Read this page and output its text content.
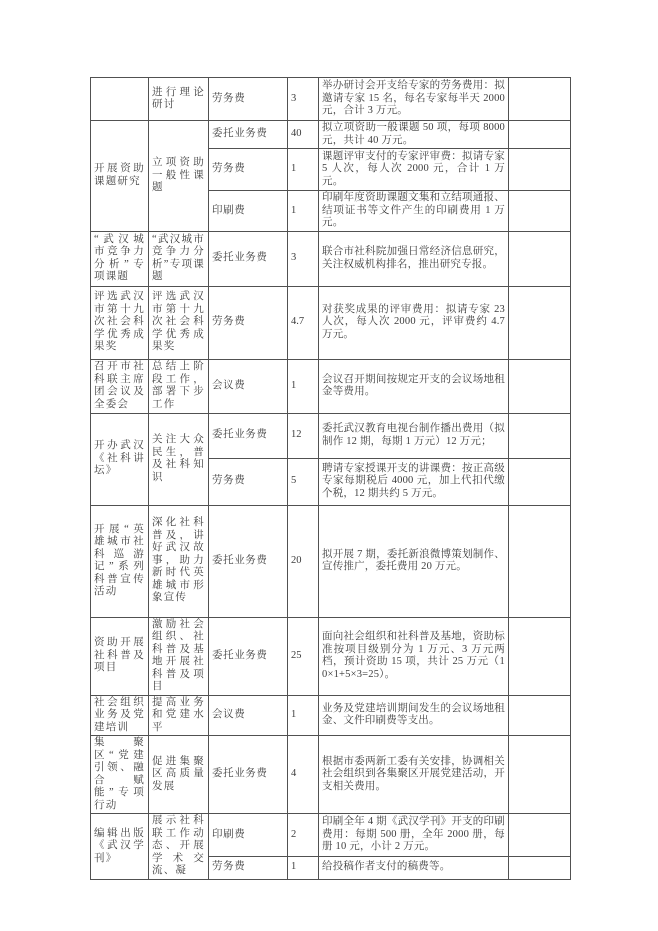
	进行理论研讨	劳务费	3	举办研讨会开支给专家的劳务费用：拟邀请专家 15 名，每名专家每半天 2000 元，合计 3 万元。	
开展资助课题研究	立项资助一般性课题	委托业务费	40	拟立项资助一般课题 50 项，每项 8000 元，共计 40 万元。	
		劳务费	1	课题评审支付的专家评审费：拟请专家 5 人次，每人次 2000 元，合计 1 万元。	
		印刷费	1	印刷年度资助课题文集和立结项通报、结项证书等文件产生的印刷费用 1 万元。	
“武汉城市竞争力分析”专项课题	“武汉城市竞争力分析”专项课题	委托业务费	3	联合市社科院加强日常经济信息研究，关注权威机构排名，推出研究专报。	
评选武汉市第十九次社会科学优秀成果奖	评选武汉市第十九次社会科学优秀成果奖	劳务费	4.7	对获奖成果的评审费用：拟请专家 23 人次，每人次 2000 元，评审费约 4.7 万元。	
召开市社科联主席团会议及全委会	总结上阶段工作，部署下步工作	会议费	1	会议召开期间按规定开支的会议场地租金等费用。	
开办武汉《社科讲坛》	关注大众民生，普及社科知识	委托业务费	12	委托武汉教育电视台制作播出费用（拟制作 12 期，每期 1 万元）12 万元；	
		劳务费	5	聘请专家授课开支的讲课费：按正高级专家每期税后 4000 元，加上代扣代缴个税，12 期共约 5 万元。	
开展“英雄城市社科巡游记”系列科普宣传活动	深化社科普及，讲好武汉故事，助力新时代英雄城市形象宣传	委托业务费	20	拟开展 7 期，委托新浪微博策划制作、宣传推广，委托费用 20 万元。	
资助开展社科普及项目	激励社会组织、社科普及基地开展社科普及项目	委托业务费	25	面向社会组织和社科普及基地，资助标准按项目级别分为 1 万元、3 万元两档，预计资助 15 项，共计 25 万元（10×1+5×3=25）。	
社会组织业务及党建培训	提高业务和党建水平	会议费	1	业务及党建培训期间发生的会议场地租金、文件印刷费等支出。	
集聚区“党建引领、融合赋能”专项行动	促进集聚区高质量发展	委托业务费	4	根据市委两新工委有关安排，协调相关社会组织到各集聚区开展党建活动，开支相关费用。	
编辑出版《武汉学刊》	展示社科联工作动态、开展学术交流、凝	印刷费	2	印刷全年 4 期《武汉学刊》开支的印刷费用：每期 500 册，全年 2000 册，每册 10 元，小计 2 万元。	
		劳务费	1	给投稿作者支付的稿费等。	
